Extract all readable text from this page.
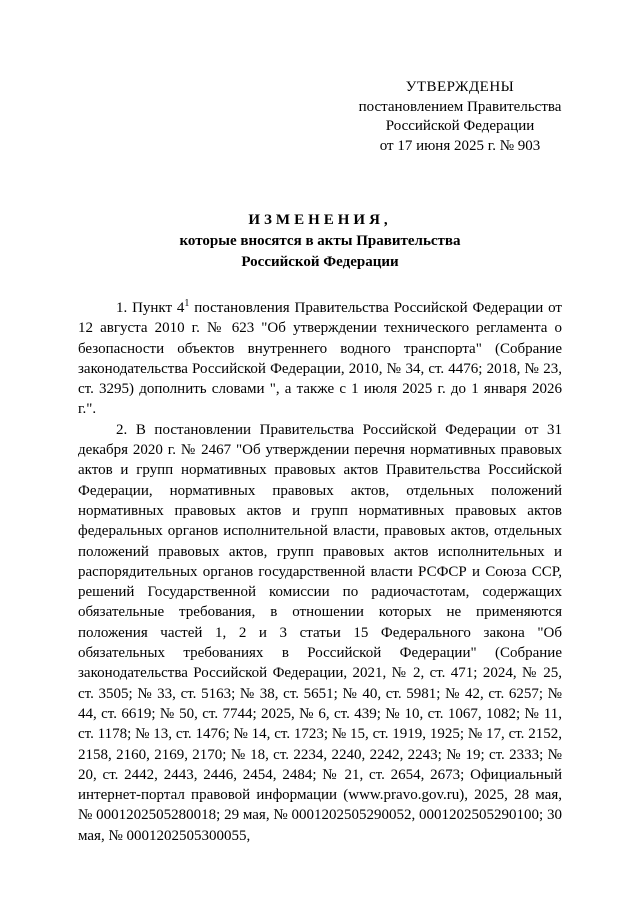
УТВЕРЖДЕНЫ
постановлением Правительства
Российской Федерации
от 17 июня 2025 г. № 903
ИЗМЕНЕНИЯ,
которые вносятся в акты Правительства
Российской Федерации

1. Пункт $4^1$ постановления Правительства Российской Федерации от 12 августа 2010 г. № 623 "Об утверждении технического регламента о безопасности объектов внутреннего водного транспорта" (Собрание законодательства Российской Федерации, 2010, № 34, ст. 4476; 2018, № 23, ст. 3295) дополнить словами ", а также с 1 июля 2025 г. до 1 января 2026 г.".

2. В постановлении Правительства Российской Федерации от 31 декабря 2020 г. № 2467 "Об утверждении перечня нормативных правовых актов и групп нормативных правовых актов Правительства Российской Федерации, нормативных правовых актов, отдельных положений нормативных правовых актов и групп нормативных правовых актов федеральных органов исполнительной власти, правовых актов, отдельных положений правовых актов, групп правовых актов исполнительных и распорядительных органов государственной власти РСФСР и Союза ССР, решений Государственной комиссии по радиочастотам, содержащих обязательные требования, в отношении которых не применяются положения частей 1, 2 и 3 статьи 15 Федерального закона "Об обязательных требованиях в Российской Федерации" (Собрание законодательства Российской Федерации, 2021, № 2, ст. 471; 2024, № 25, ст. 3505; № 33, ст. 5163; № 38, ст. 5651; № 40, ст. 5981; № 42, ст. 6257; № 44, ст. 6619; № 50, ст. 7744; 2025, № 6, ст. 439; № 10, ст. 1067, 1082; № 11, ст. 1178; № 13, ст. 1476; № 14, ст. 1723; № 15, ст. 1919, 1925; № 17, ст. 2152, 2158, 2160, 2169, 2170; № 18, ст. 2234, 2240, 2242, 2243; № 19; ст. 2333; № 20, ст. 2442, 2443, 2446, 2454, 2484; № 21, ст. 2654, 2673; Официальный интернет-портал правовой информации (www.pravo.gov.ru), 2025, 28 мая, № 0001202505280018; 29 мая, № 0001202505290052, 0001202505290100; 30 мая, № 0001202505300055,
